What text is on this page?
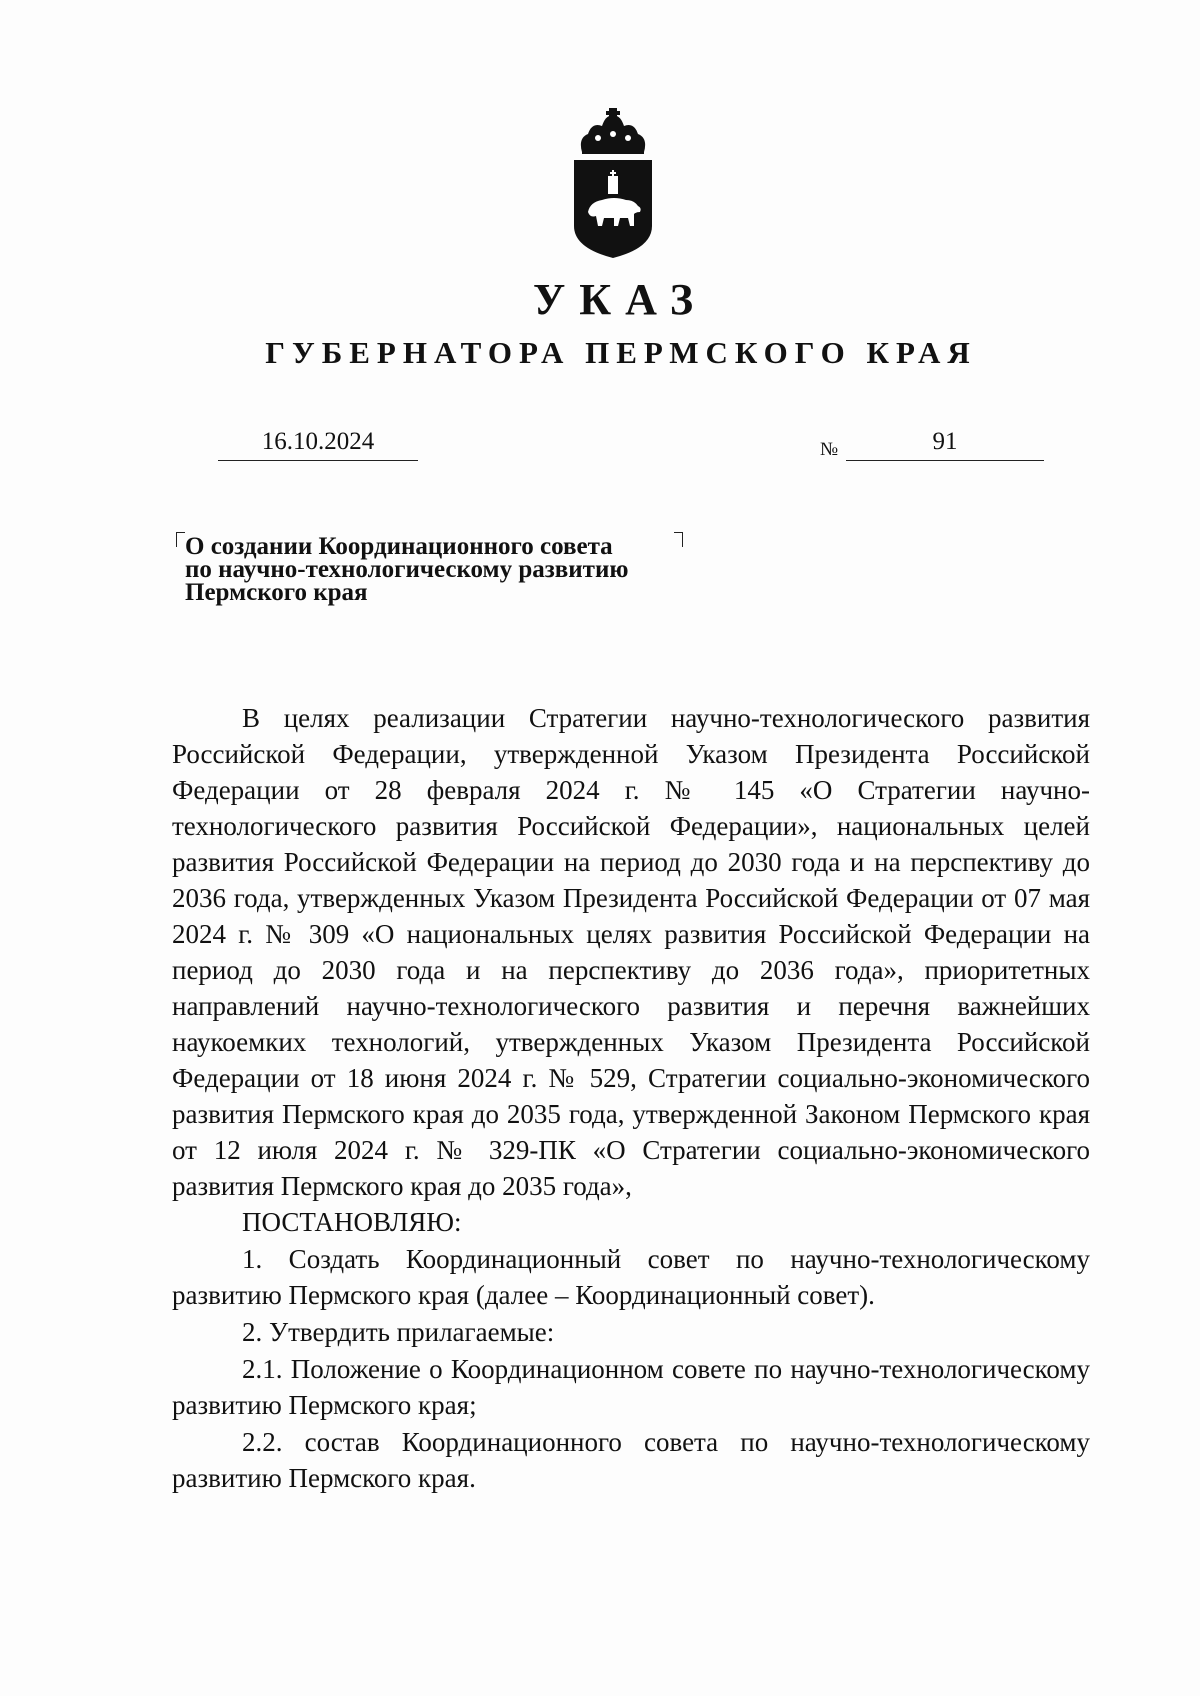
УКАЗ
ГУБЕРНАТОРА ПЕРМСКОГО КРАЯ
16.10.2024	№	91
О создании Координационного совета
по научно-технологическому развитию
Пермского края

В целях реализации Стратегии научно-технологического развития Российской Федерации, утвержденной Указом Президента Российской Федерации от 28 февраля 2024 г. № 145 «О Стратегии научно-технологического развития Российской Федерации», национальных целей развития Российской Федерации на период до 2030 года и на перспективу до 2036 года, утвержденных Указом Президента Российской Федерации от 07 мая 2024 г. № 309 «О национальных целях развития Российской Федерации на период до 2030 года и на перспективу до 2036 года», приоритетных направлений научно-технологического развития и перечня важнейших наукоемких технологий, утвержденных Указом Президента Российской Федерации от 18 июня 2024 г. № 529, Стратегии социально-экономического развития Пермского края до 2035 года, утвержденной Законом Пермского края от 12 июля 2024 г. № 329-ПК «О Стратегии социально-экономического развития Пермского края до 2035 года»,

ПОСТАНОВЛЯЮ:

1. Создать Координационный совет по научно-технологическому развитию Пермского края (далее – Координационный совет).

2. Утвердить прилагаемые:

2.1. Положение о Координационном совете по научно-технологическому развитию Пермского края;

2.2. состав Координационного совета по научно-технологическому развитию Пермского края.
